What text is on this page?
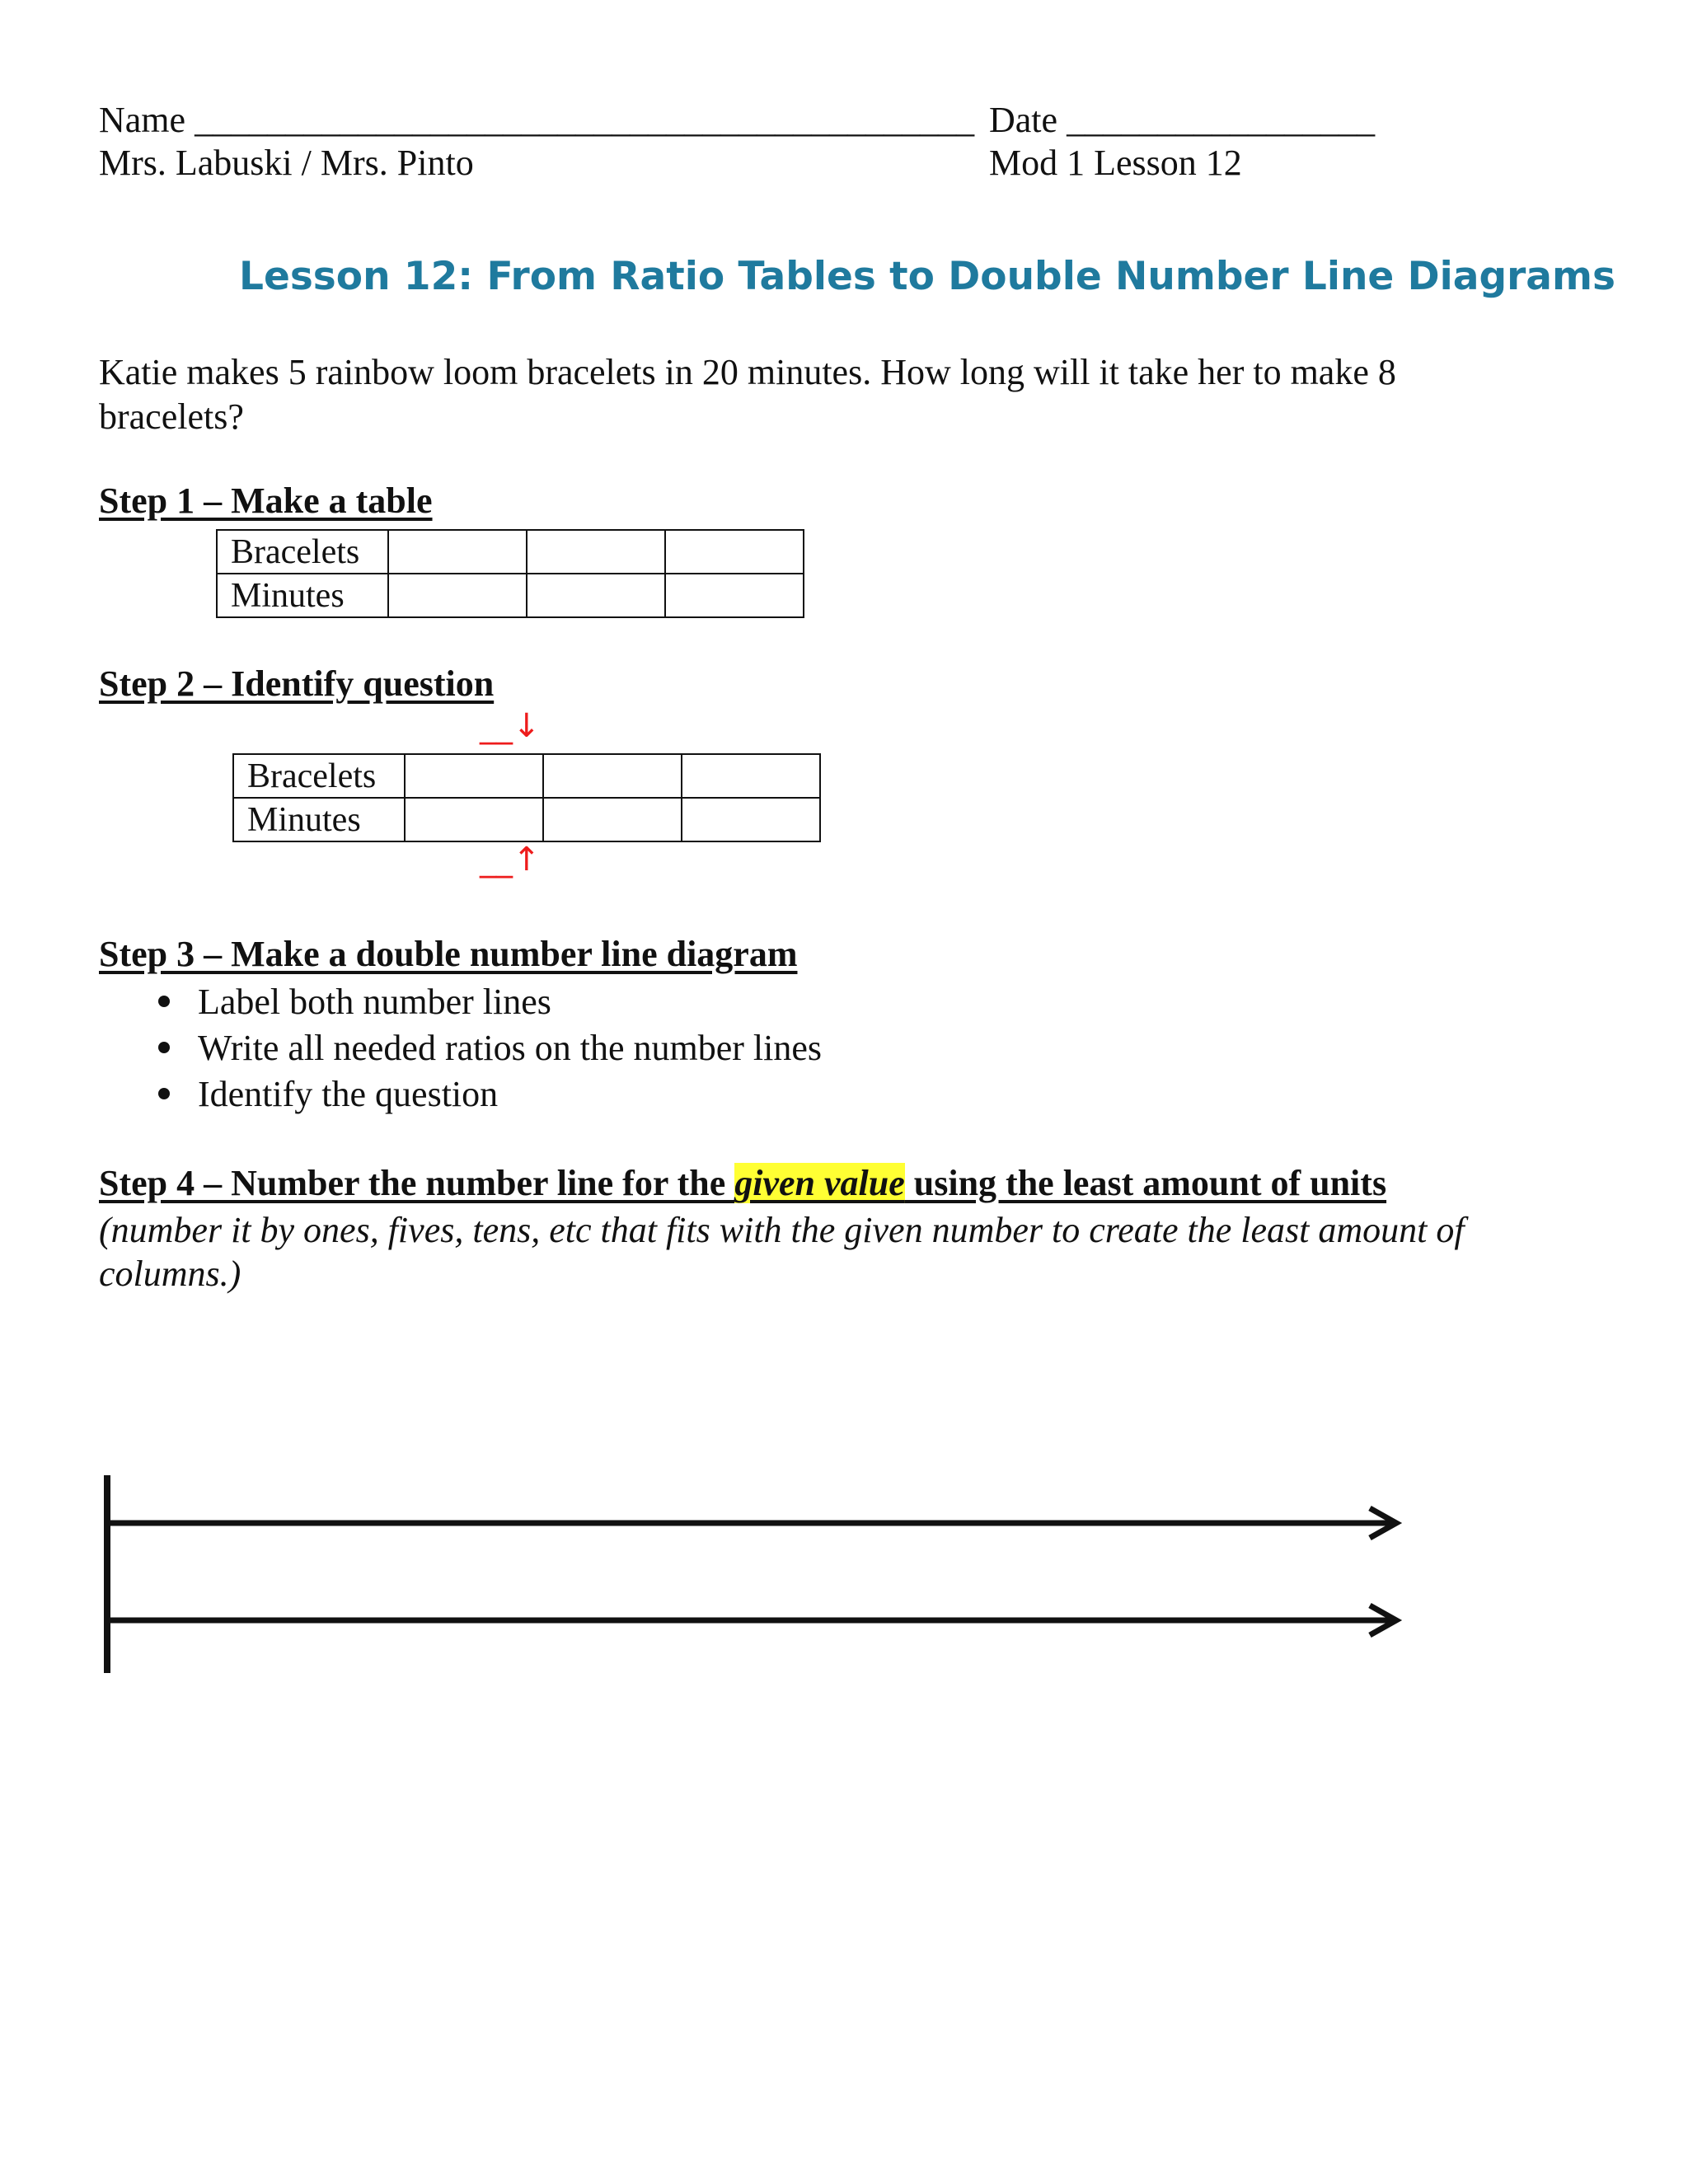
Name ___________________________________________
Mrs. Labuski / Mrs. Pinto
Date _________________
Mod 1 Lesson 12
Lesson 12: From Ratio Tables to Double Number Line Diagrams
Katie makes 5 rainbow loom bracelets in 20 minutes. How long will it take her to make 8
bracelets?
Step 1 – Make a table
Bracelets			
Minutes			
Step 2 – Identify question
__↓
Bracelets			
Minutes			
__↑
Step 3 – Make a double number line diagram
Label both number lines
Write all needed ratios on the number lines
Identify the question
Step 4 – Number the number line for the given value using the least amount of units
(number it by ones, fives, tens, etc that fits with the given number to create the least amount of
columns.)
